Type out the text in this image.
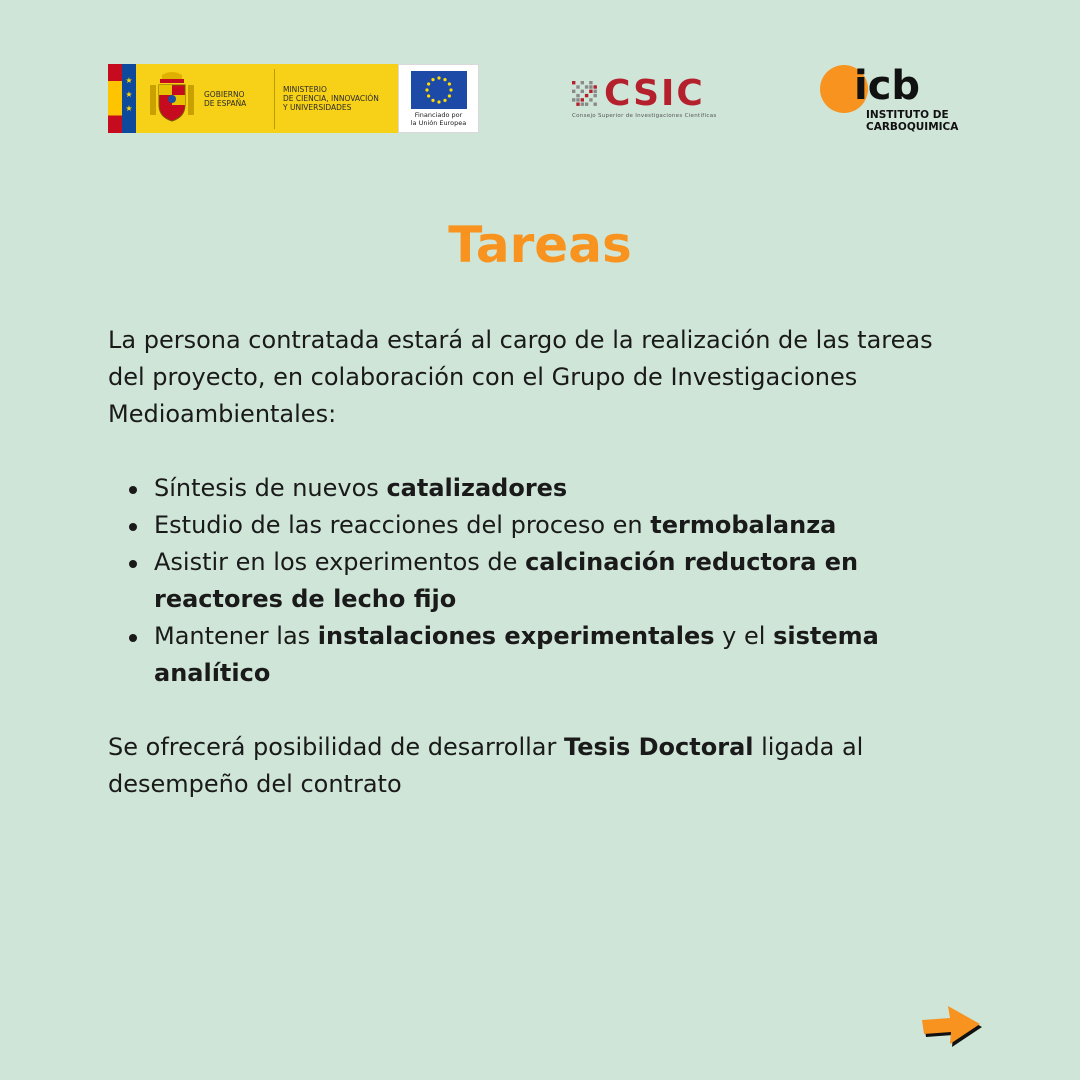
★
★
★
GOBIERNO
DE ESPAÑA
MINISTERIO
DE CIENCIA, INNOVACIÓN
Y UNIVERSIDADES
Financiado por
la Unión Europea
CSIC
Consejo Superior de Investigaciones Científicas
icb
INSTITUTO DE
CARBOQUIMICA
Tareas

La persona contratada estará al cargo de la realización de las tareas del proyecto, en colaboración con el Grupo de Investigaciones Medioambientales:

Síntesis de nuevos catalizadores
Estudio de las reacciones del proceso en termobalanza
Asistir en los experimentos de calcinación reductora en reactores de lecho fijo
Mantener las instalaciones experimentales y el sistema analítico

Se ofrecerá posibilidad de desarrollar Tesis Doctoral ligada al desempeño del contrato
